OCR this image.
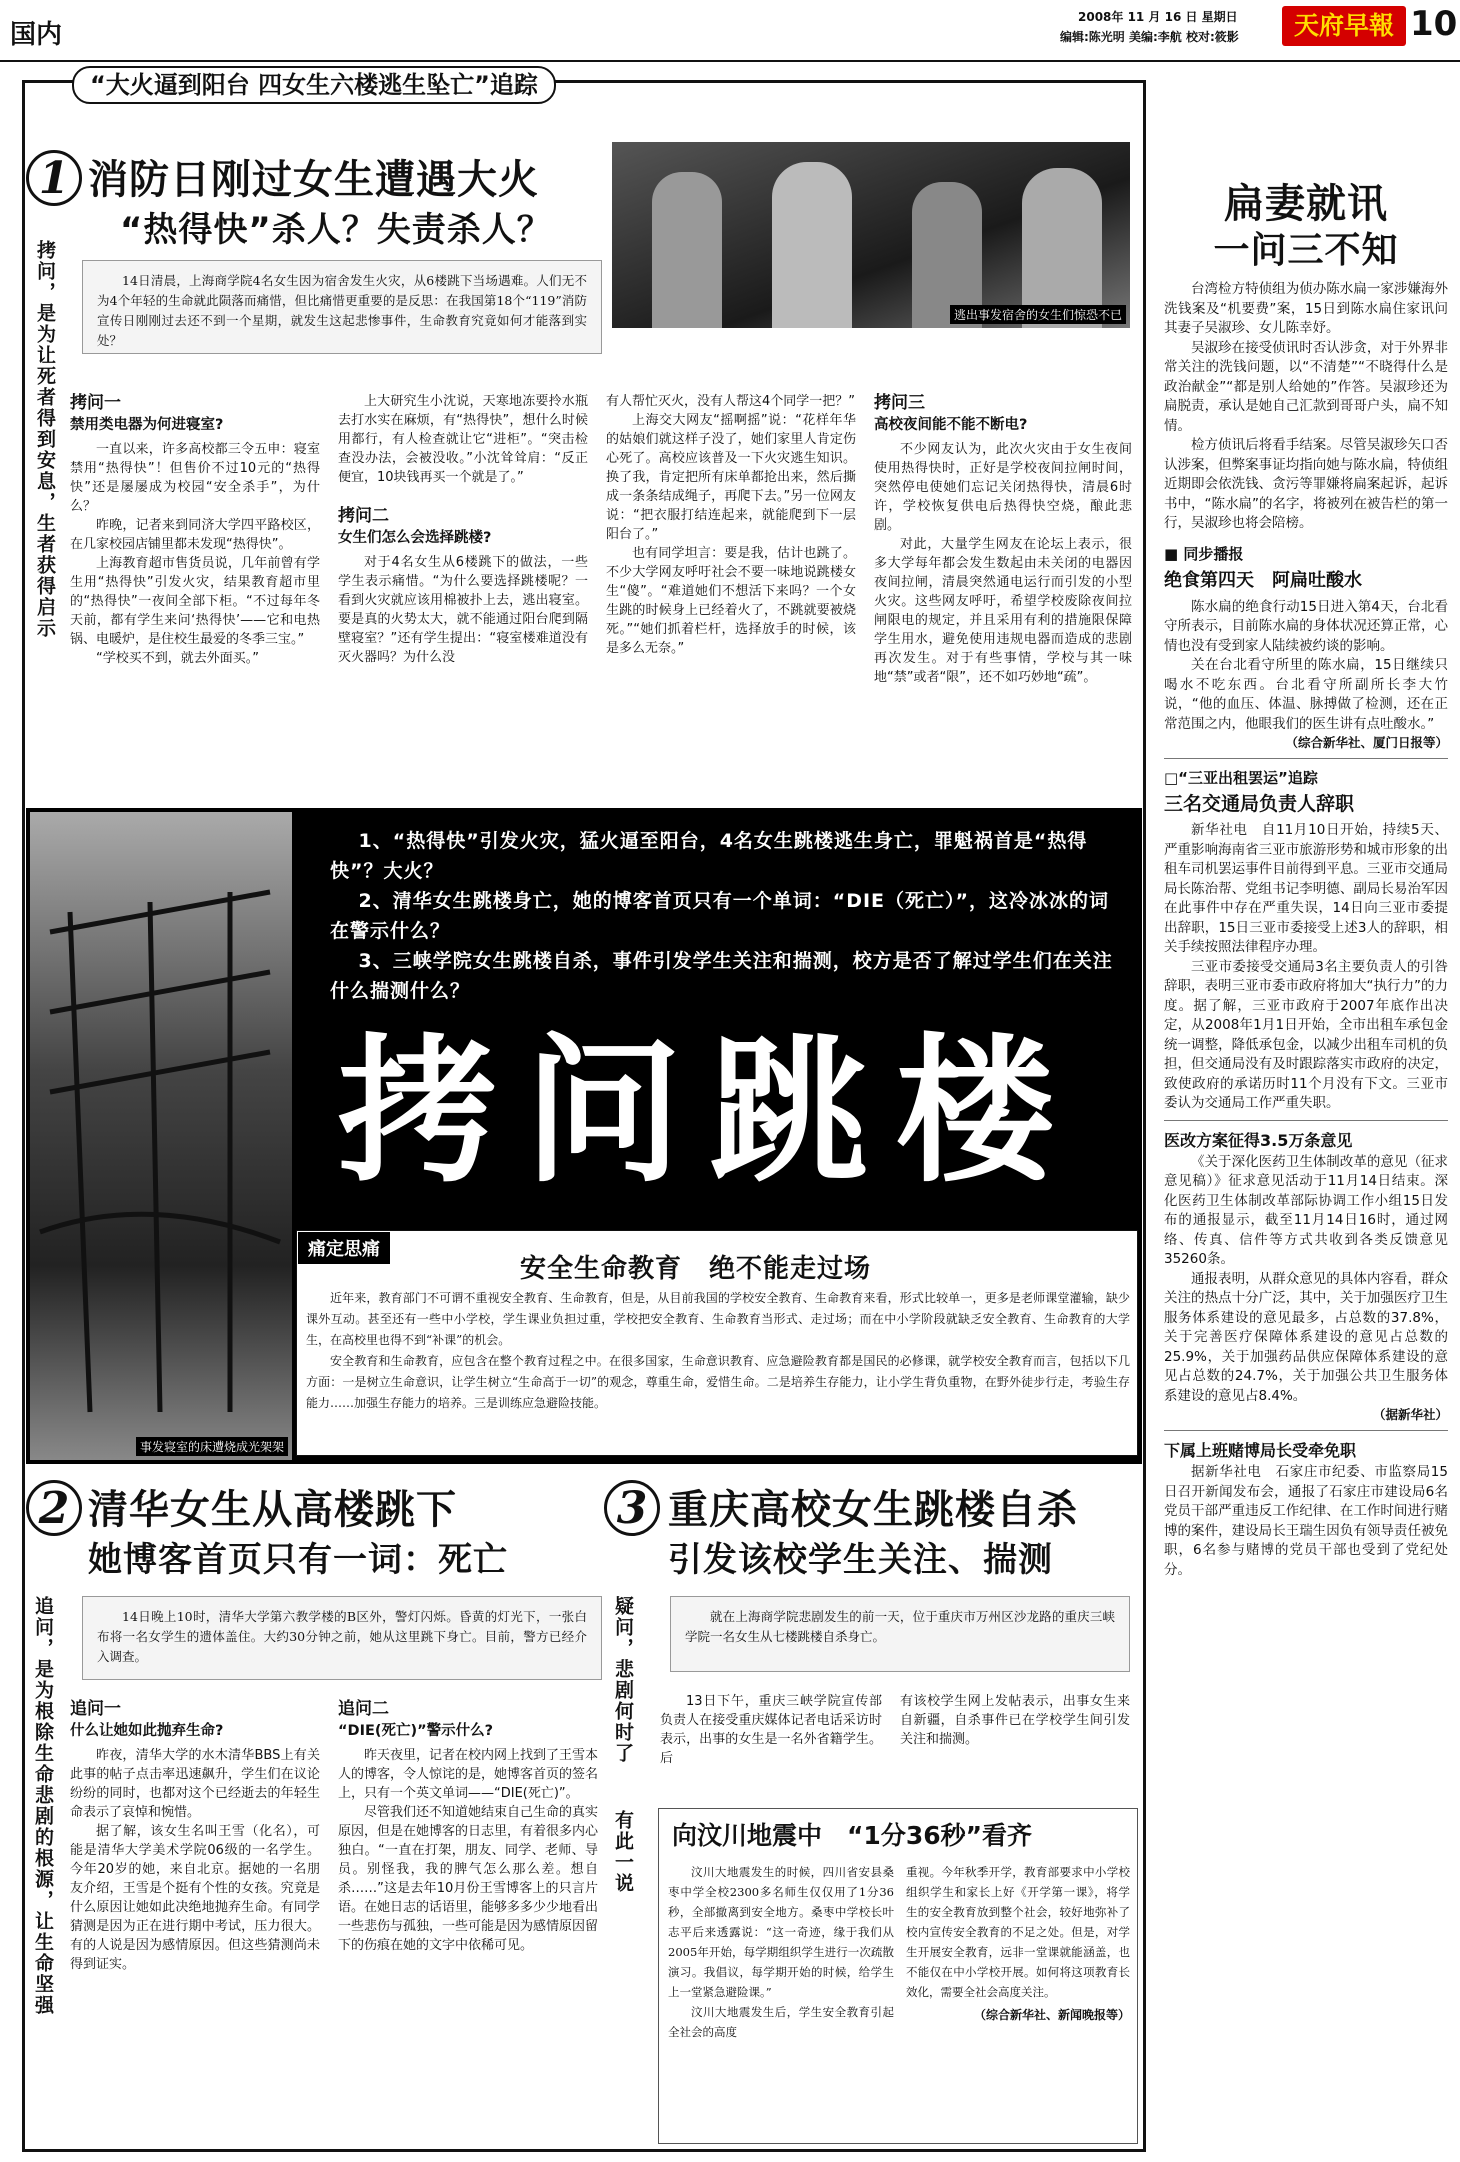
国内
2008年 11 月 16 日 星期日
编辑:陈光明 美编:李航 校对:筱影	天府早報 10
“大火逼到阳台 四女生六楼逃生坠亡”追踪
1 消防日刚过女生遭遇大火
“热得快”杀人？失责杀人？
拷问，是为让死者得到安息，生者获得启示	14日清晨，上海商学院4名女生因为宿舍发生火灾，从6楼跳下当场遇难。人们无不为4个年轻的生命就此陨落而痛惜，但比痛惜更重要的是反思：在我国第18个“119”消防宣传日刚刚过去还不到一个星期，就发生这起悲惨事件，生命教育究竟如何才能落到实处？
逃出事发宿舍的女生们惊恐不已
拷问一
禁用类电器为何进寝室?

一直以来，许多高校都三令五申：寝室禁用“热得快”！但售价不过10元的“热得快”还是屡屡成为校园“安全杀手”，为什么？

昨晚，记者来到同济大学四平路校区，在几家校园店铺里都未发现“热得快”。

上海教育超市售货员说，几年前曾有学生用“热得快”引发火灾，结果教育超市里的“热得快”一夜间全部下柜。“不过每年冬天前，都有学生来问‘热得快’——它和电热锅、电暖炉，是住校生最爱的冬季三宝。”

“学校买不到，就去外面买。”

上大研究生小沈说，天寒地冻要拎水瓶去打水实在麻烦，有“热得快”，想什么时候用都行，有人检查就让它“进柜”。“突击检查没办法，会被没收。”小沈耸耸肩：“反正便宜，10块钱再买一个就是了。”

拷问二
女生们怎么会选择跳楼?

对于4名女生从6楼跳下的做法，一些学生表示痛惜。“为什么要选择跳楼呢？一看到火灾就应该用棉被扑上去，逃出寝室。要是真的火势太大，就不能通过阳台爬到隔壁寝室？”还有学生提出：“寝室楼难道没有灭火器吗？为什么没

有人帮忙灭火，没有人帮这4个同学一把？”

上海交大网友“摇啊摇”说：“花样年华的姑娘们就这样子没了，她们家里人肯定伤心死了。高校应该普及一下火灾逃生知识。换了我，肯定把所有床单都抢出来，然后撕成一条条结成绳子，再爬下去。”另一位网友说：“把衣服打结连起来，就能爬到下一层阳台了。”

也有同学坦言：要是我，估计也跳了。不少大学网友呼吁社会不要一味地说跳楼女生“傻”。“难道她们不想活下来吗？一个女生跳的时候身上已经着火了，不跳就要被烧死。”“她们抓着栏杆，选择放手的时候，该是多么无奈。”

拷问三
高校夜间能不能不断电?

不少网友认为，此次火灾由于女生夜间使用热得快时，正好是学校夜间拉闸时间，突然停电使她们忘记关闭热得快，清晨6时许，学校恢复供电后热得快空烧，酿此悲剧。

对此，大量学生网友在论坛上表示，很多大学每年都会发生数起由未关闭的电器因夜间拉闸，清晨突然通电运行而引发的小型火灾。这些网友呼吁，希望学校废除夜间拉闸限电的规定，并且采用有利的措施限保障学生用水，避免使用违规电器而造成的悲剧再次发生。对于有些事情，学校与其一味地“禁”或者“限”，还不如巧妙地“疏”。

事发寝室的床遭烧成光架架
1、“热得快”引发火灾，猛火逼至阳台，4名女生跳楼逃生身亡，罪魁祸首是“热得快”？大火？
2、清华女生跳楼身亡，她的博客首页只有一个单词：“DIE（死亡）”，这冷冰冰的词在警示什么？
3、三峡学院女生跳楼自杀，事件引发学生关注和揣测，校方是否了解过学生们在关注什么揣测什么？
拷问跳楼
痛定思痛
安全生命教育　绝不能走过场

近年来，教育部门不可谓不重视安全教育、生命教育，但是，从目前我国的学校安全教育、生命教育来看，形式比较单一，更多是老师课堂灌输，缺少课外互动。甚至还有一些中小学校，学生课业负担过重，学校把安全教育、生命教育当形式、走过场；而在中小学阶段就缺乏安全教育、生命教育的大学生，在高校里也得不到“补课”的机会。

安全教育和生命教育，应包含在整个教育过程之中。在很多国家，生命意识教育、应急避险教育都是国民的必修课，就学校安全教育而言，包括以下几方面：一是树立生命意识，让学生树立“生命高于一切”的观念，尊重生命，爱惜生命。二是培养生存能力，让小学生背负重物，在野外徒步行走，考验生存能力……加强生存能力的培养。三是训练应急避险技能。

2 清华女生从高楼跳下
她博客首页只有一词：死亡
追问，是为根除生命悲剧的根源，让生命坚强	14日晚上10时，清华大学第六教学楼的B区外，警灯闪烁。昏黄的灯光下，一张白布将一名女学生的遗体盖住。大约30分钟之前，她从这里跳下身亡。目前，警方已经介入调查。
追问一
什么让她如此抛弃生命?

昨夜，清华大学的水木清华BBS上有关此事的帖子点击率迅速飙升，学生们在议论纷纷的同时，也都对这个已经逝去的年轻生命表示了哀悼和惋惜。

据了解，该女生名叫王雪（化名），可能是清华大学美术学院06级的一名学生。今年20岁的她，来自北京。据她的一名朋友介绍，王雪是个挺有个性的女孩。究竟是什么原因让她如此决绝地抛弃生命。有同学猜测是因为正在进行期中考试，压力很大。有的人说是因为感情原因。但这些猜测尚未得到证实。

追问二
“DIE(死亡)”警示什么?

昨天夜里，记者在校内网上找到了王雪本人的博客，令人惊诧的是，她博客首页的签名上，只有一个英文单词——“DIE(死亡)”。

尽管我们还不知道她结束自己生命的真实原因，但是在她博客的日志里，有着很多内心独白。“一直在打架，朋友、同学、老师、导员。别怪我，我的脾气怎么那么差。想自杀……”这是去年10月份王雪博客上的只言片语。在她日志的话语里，能够多多少少地看出一些悲伤与孤独，一些可能是因为感情原因留下的伤痕在她的文字中依稀可见。

3 重庆高校女生跳楼自杀
引发该校学生关注、揣测
疑问，悲剧何时了	就在上海商学院悲剧发生的前一天，位于重庆市万州区沙龙路的重庆三峡学院一名女生从七楼跳楼自杀身亡。

13日下午，重庆三峡学院宣传部负责人在接受重庆媒体记者电话采访时表示，出事的女生是一名外省籍学生。后

有该校学生网上发帖表示，出事女生来自新疆，自杀事件已在学校学生间引发关注和揣测。

有此一说 向汶川地震中　“1分36秒”看齐

汶川大地震发生的时候，四川省安县桑枣中学全校2300多名师生仅仅用了1分36秒，全部撤离到安全地方。桑枣中学校长叶志平后来透露说：“这一奇迹，缘于我们从2005年开始，每学期组织学生进行一次疏散演习。我倡议，每学期开始的时候，给学生上一堂紧急避险课。”

汶川大地震发生后，学生安全教育引起全社会的高度

重视。今年秋季开学，教育部要求中小学校组织学生和家长上好《开学第一课》，将学生的安全教育放到整个社会，较好地弥补了校内宣传安全教育的不足之处。但是，对学生开展安全教育，远非一堂课就能涵盖，也不能仅在中小学校开展。如何将这项教育长效化，需要全社会高度关注。

（综合新华社、新闻晚报等）
扁妻就讯
一问三不知

台湾检方特侦组为侦办陈水扁一家涉嫌海外洗钱案及“机要费”案，15日到陈水扁住家讯问其妻子吴淑珍、女儿陈幸妤。

吴淑珍在接受侦讯时否认涉贪，对于外界非常关注的洗钱问题，以“不清楚”“不晓得什么是政治献金”“都是别人给她的”作答。吴淑珍还为扁脱责，承认是她自己汇款到哥哥户头，扁不知情。

检方侦讯后将看手结案。尽管吴淑珍矢口否认涉案，但弊案事证均指向她与陈水扁，特侦组近期即会依洗钱、贪污等罪嫌将扁案起诉，起诉书中，“陈水扁”的名字，将被列在被告栏的第一行，吴淑珍也将会陪榜。

■ 同步播报
绝食第四天　阿扁吐酸水

陈水扁的绝食行动15日进入第4天，台北看守所表示，目前陈水扁的身体状况还算正常，心情也没有受到家人陆续被约谈的影响。

关在台北看守所里的陈水扁，15日继续只喝水不吃东西。台北看守所副所长李大竹说，“他的血压、体温、脉搏做了检测，还在正常范围之内，他眼我们的医生讲有点吐酸水。”

（综合新华社、厦门日报等）
□“三亚出租罢运”追踪
三名交通局负责人辞职

新华社电　自11月10日开始，持续5天、严重影响海南省三亚市旅游形势和城市形象的出租车司机罢运事件目前得到平息。三亚市交通局局长陈治帮、党组书记李明德、副局长易治军因在此事件中存在严重失误，14日向三亚市委提出辞职，15日三亚市委接受上述3人的辞职，相关手续按照法律程序办理。

三亚市委接受交通局3名主要负责人的引咎辞职，表明三亚市委市政府将加大“执行力”的力度。据了解，三亚市政府于2007年底作出决定，从2008年1月1日开始，全市出租车承包金统一调整，降低承包金，以减少出租车司机的负担，但交通局没有及时跟踪落实市政府的决定，致使政府的承诺历时11个月没有下文。三亚市委认为交通局工作严重失职。

医改方案征得3.5万条意见

《关于深化医药卫生体制改革的意见（征求意见稿）》征求意见活动于11月14日结束。深化医药卫生体制改革部际协调工作小组15日发布的通报显示，截至11月14日16时，通过网络、传真、信件等方式共收到各类反馈意见35260条。

通报表明，从群众意见的具体内容看，群众关注的热点十分广泛，其中，关于加强医疗卫生服务体系建设的意见最多，占总数的37.8%，关于完善医疗保障体系建设的意见占总数的25.9%，关于加强药品供应保障体系建设的意见占总数的24.7%，关于加强公共卫生服务体系建设的意见占8.4%。

（据新华社）
下属上班赌博局长受牵免职

据新华社电　石家庄市纪委、市监察局15日召开新闻发布会，通报了石家庄市建设局6名党员干部严重违反工作纪律、在工作时间进行赌博的案件，建设局长王瑞生因负有领导责任被免职，6名参与赌博的党员干部也受到了党纪处分。
